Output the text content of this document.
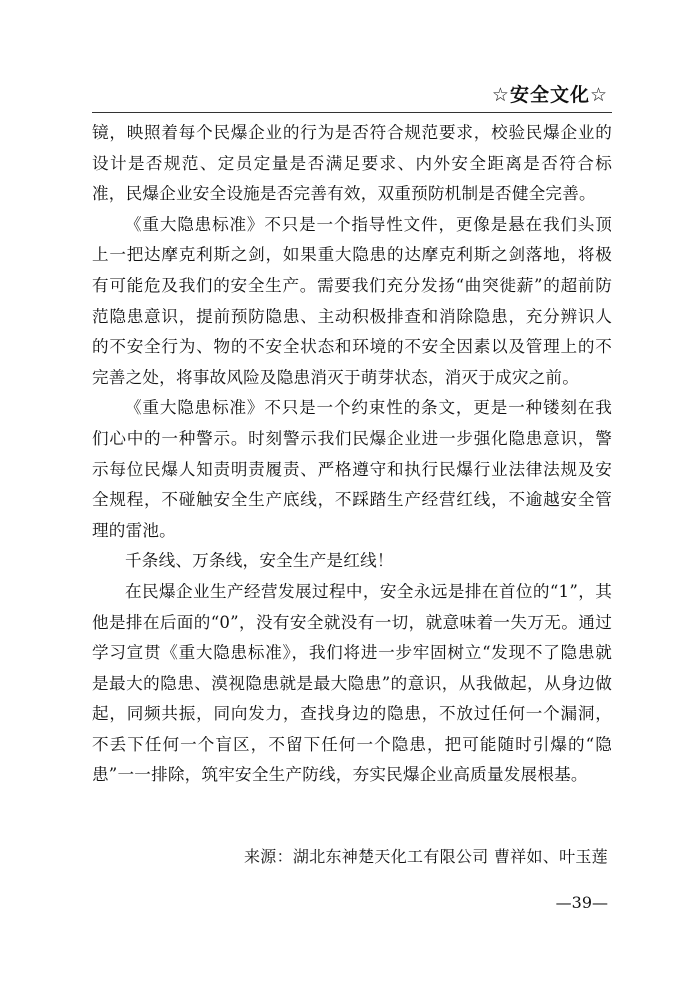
☆安全文化☆

镜，映照着每个民爆企业的行为是否符合规范要求，校验民爆企业的设计是否规范、定员定量是否满足要求、内外安全距离是否符合标准，民爆企业安全设施是否完善有效，双重预防机制是否健全完善。

《重大隐患标准》不只是一个指导性文件，更像是悬在我们头顶上一把达摩克利斯之剑，如果重大隐患的达摩克利斯之剑落地，将极有可能危及我们的安全生产。需要我们充分发扬“曲突徙薪”的超前防范隐患意识，提前预防隐患、主动积极排查和消除隐患，充分辨识人的不安全行为、物的不安全状态和环境的不安全因素以及管理上的不完善之处，将事故风险及隐患消灭于萌芽状态，消灭于成灾之前。

《重大隐患标准》不只是一个约束性的条文，更是一种镂刻在我们心中的一种警示。时刻警示我们民爆企业进一步强化隐患意识，警示每位民爆人知责明责履责、严格遵守和执行民爆行业法律法规及安全规程，不碰触安全生产底线，不踩踏生产经营红线，不逾越安全管理的雷池。

千条线、万条线，安全生产是红线！

在民爆企业生产经营发展过程中，安全永远是排在首位的“1”，其他是排在后面的“0”，没有安全就没有一切，就意味着一失万无。通过学习宣贯《重大隐患标准》，我们将进一步牢固树立“发现不了隐患就是最大的隐患、漠视隐患就是最大隐患”的意识，从我做起，从身边做起，同频共振，同向发力，查找身边的隐患，不放过任何一个漏洞，不丢下任何一个盲区，不留下任何一个隐患，把可能随时引爆的“隐患”一一排除，筑牢安全生产防线，夯实民爆企业高质量发展根基。

来源：湖北东神楚天化工有限公司 曹祥如、叶玉莲
—39—
